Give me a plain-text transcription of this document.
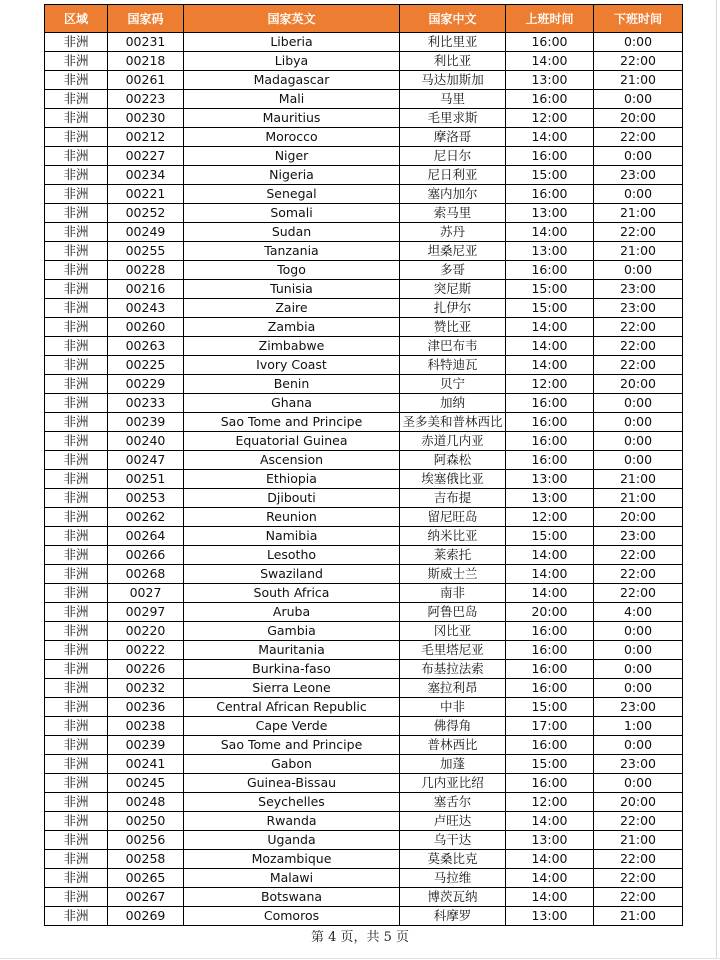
区域	国家码	国家英文	国家中文	上班时间	下班时间
非洲	00231	Liberia	利比里亚	16:00	0:00
非洲	00218	Libya	利比亚	14:00	22:00
非洲	00261	Madagascar	马达加斯加	13:00	21:00
非洲	00223	Mali	马里	16:00	0:00
非洲	00230	Mauritius	毛里求斯	12:00	20:00
非洲	00212	Morocco	摩洛哥	14:00	22:00
非洲	00227	Niger	尼日尔	16:00	0:00
非洲	00234	Nigeria	尼日利亚	15:00	23:00
非洲	00221	Senegal	塞内加尔	16:00	0:00
非洲	00252	Somali	索马里	13:00	21:00
非洲	00249	Sudan	苏丹	14:00	22:00
非洲	00255	Tanzania	坦桑尼亚	13:00	21:00
非洲	00228	Togo	多哥	16:00	0:00
非洲	00216	Tunisia	突尼斯	15:00	23:00
非洲	00243	Zaire	扎伊尔	15:00	23:00
非洲	00260	Zambia	赞比亚	14:00	22:00
非洲	00263	Zimbabwe	津巴布韦	14:00	22:00
非洲	00225	Ivory Coast	科特迪瓦	14:00	22:00
非洲	00229	Benin	贝宁	12:00	20:00
非洲	00233	Ghana	加纳	16:00	0:00
非洲	00239	Sao Tome and Principe	圣多美和普林西比	16:00	0:00
非洲	00240	Equatorial Guinea	赤道几内亚	16:00	0:00
非洲	00247	Ascension	阿森松	16:00	0:00
非洲	00251	Ethiopia	埃塞俄比亚	13:00	21:00
非洲	00253	Djibouti	吉布提	13:00	21:00
非洲	00262	Reunion	留尼旺岛	12:00	20:00
非洲	00264	Namibia	纳米比亚	15:00	23:00
非洲	00266	Lesotho	莱索托	14:00	22:00
非洲	00268	Swaziland	斯威士兰	14:00	22:00
非洲	0027	South Africa	南非	14:00	22:00
非洲	00297	Aruba	阿鲁巴岛	20:00	4:00
非洲	00220	Gambia	冈比亚	16:00	0:00
非洲	00222	Mauritania	毛里塔尼亚	16:00	0:00
非洲	00226	Burkina-faso	布基拉法索	16:00	0:00
非洲	00232	Sierra Leone	塞拉利昂	16:00	0:00
非洲	00236	Central African Republic	中非	15:00	23:00
非洲	00238	Cape Verde	佛得角	17:00	1:00
非洲	00239	Sao Tome and Principe	普林西比	16:00	0:00
非洲	00241	Gabon	加蓬	15:00	23:00
非洲	00245	Guinea-Bissau	几内亚比绍	16:00	0:00
非洲	00248	Seychelles	塞舌尔	12:00	20:00
非洲	00250	Rwanda	卢旺达	14:00	22:00
非洲	00256	Uganda	乌干达	13:00	21:00
非洲	00258	Mozambique	莫桑比克	14:00	22:00
非洲	00265	Malawi	马拉维	14:00	22:00
非洲	00267	Botswana	博茨瓦纳	14:00	22:00
非洲	00269	Comoros	科摩罗	13:00	21:00
第 4 页，共 5 页
